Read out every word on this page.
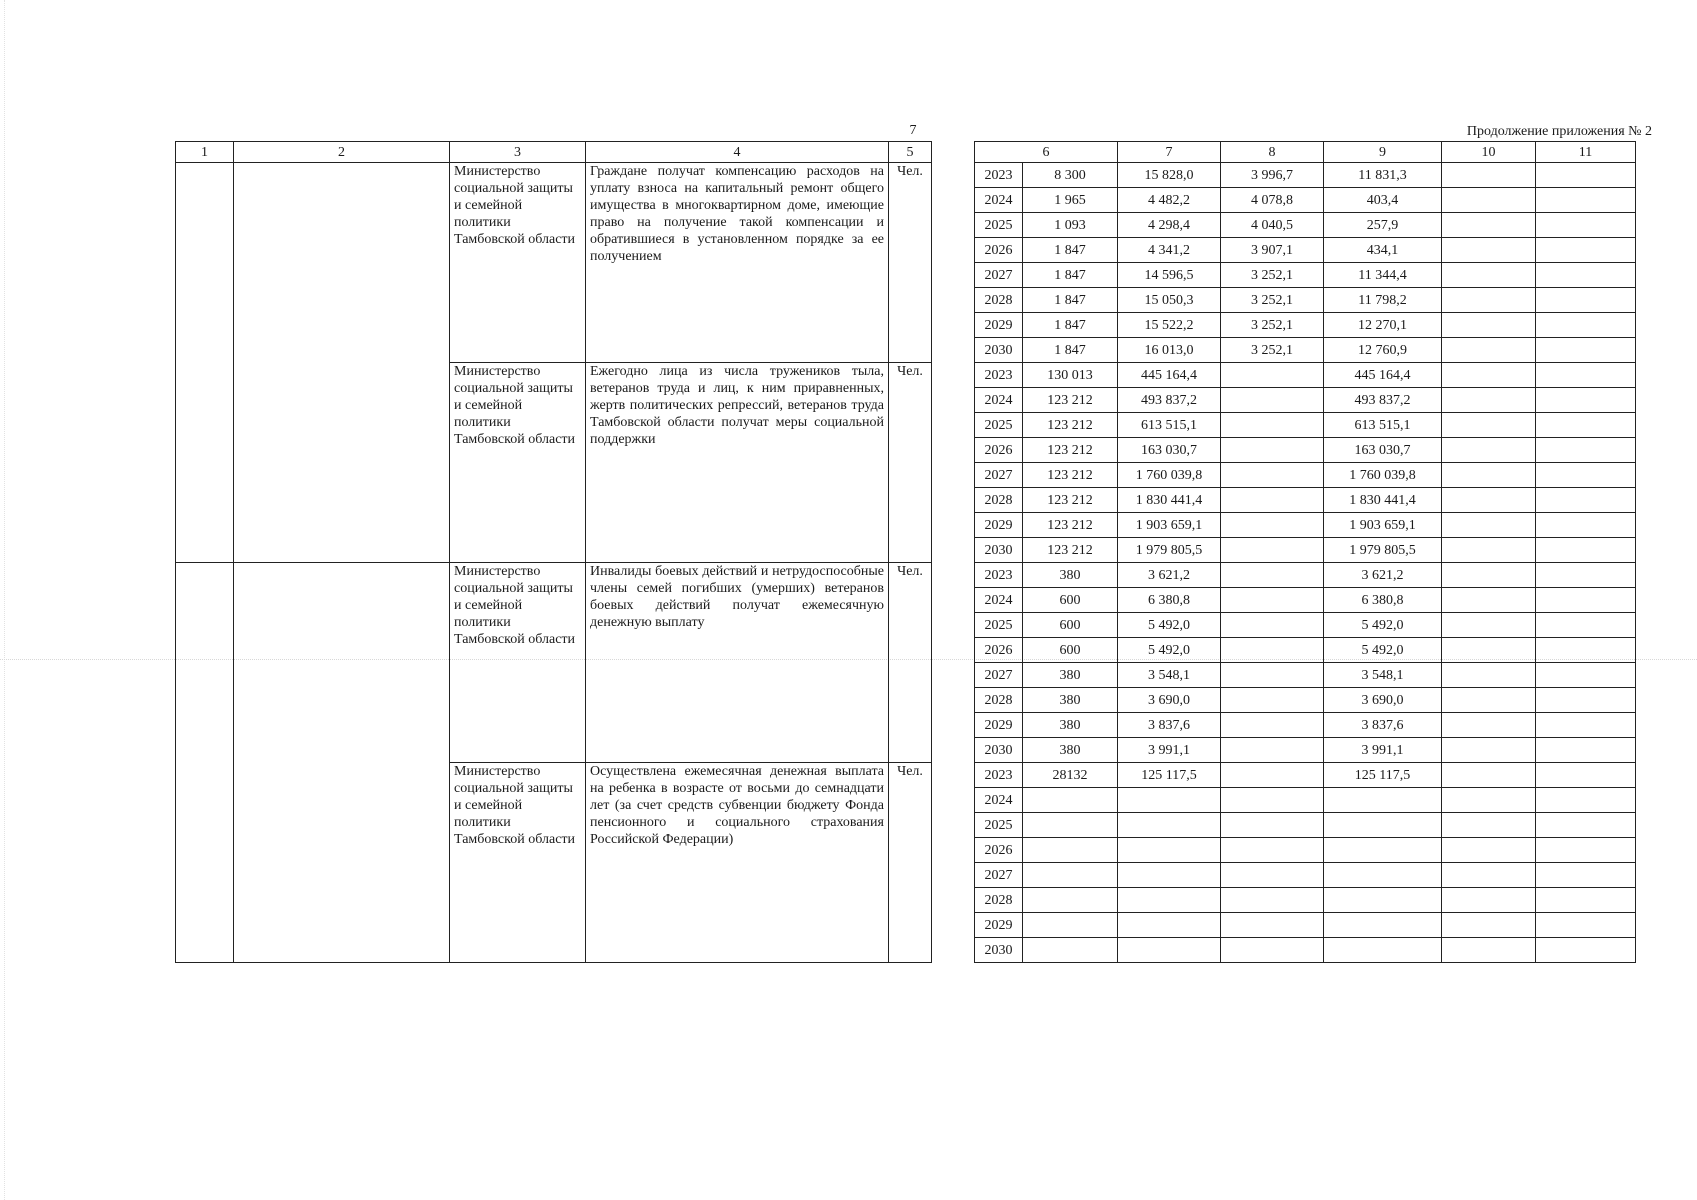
7	Продолжение приложения № 2
1	2	3	4	5		6		7	8	9	10	11
		Министерство социальной защиты и семейной политики Тамбовской области	Граждане получат компенсацию расходов на уплату взноса на капитальный ремонт общего имущества в многоквартирном доме, имеющие право на получение такой компенсации и обратившиеся в установленном порядке за ее получением	Чел.		2023	8 300	15 828,0	3 996,7	11 831,3		
						2024	1 965	4 482,2	4 078,8	403,4		
						2025	1 093	4 298,4	4 040,5	257,9		
						2026	1 847	4 341,2	3 907,1	434,1		
						2027	1 847	14 596,5	3 252,1	11 344,4		
						2028	1 847	15 050,3	3 252,1	11 798,2		
						2029	1 847	15 522,2	3 252,1	12 270,1		
						2030	1 847	16 013,0	3 252,1	12 760,9		
		Министерство социальной защиты и семейной политики Тамбовской области	Ежегодно лица из числа тружеников тыла, ветеранов труда и лиц, к ним приравненных, жертв политических репрессий, ветеранов труда Тамбовской области получат меры социальной поддержки	Чел.		2023	130 013	445 164,4		445 164,4		
						2024	123 212	493 837,2		493 837,2		
						2025	123 212	613 515,1		613 515,1		
						2026	123 212	163 030,7		163 030,7		
						2027	123 212	1 760 039,8		1 760 039,8		
						2028	123 212	1 830 441,4		1 830 441,4		
						2029	123 212	1 903 659,1		1 903 659,1		
						2030	123 212	1 979 805,5		1 979 805,5		
		Министерство социальной защиты и семейной политики Тамбовской области	Инвалиды боевых действий и нетрудоспособные члены семей погибших (умерших) ветеранов боевых действий получат ежемесячную денежную выплату	Чел.		2023	380	3 621,2		3 621,2		
						2024	600	6 380,8		6 380,8		
						2025	600	5 492,0		5 492,0		
						2026	600	5 492,0		5 492,0		
						2027	380	3 548,1		3 548,1		
						2028	380	3 690,0		3 690,0		
						2029	380	3 837,6		3 837,6		
						2030	380	3 991,1		3 991,1		
		Министерство социальной защиты и семейной политики Тамбовской области	Осуществлена ежемесячная денежная выплата на ребенка в возрасте от восьми до семнадцати лет (за счет средств субвенции бюджету Фонда пенсионного и социального страхования Российской Федерации)	Чел.		2023	28132	125 117,5		125 117,5		
						2024						
						2025						
						2026						
						2027						
						2028						
						2029						
						2030						
